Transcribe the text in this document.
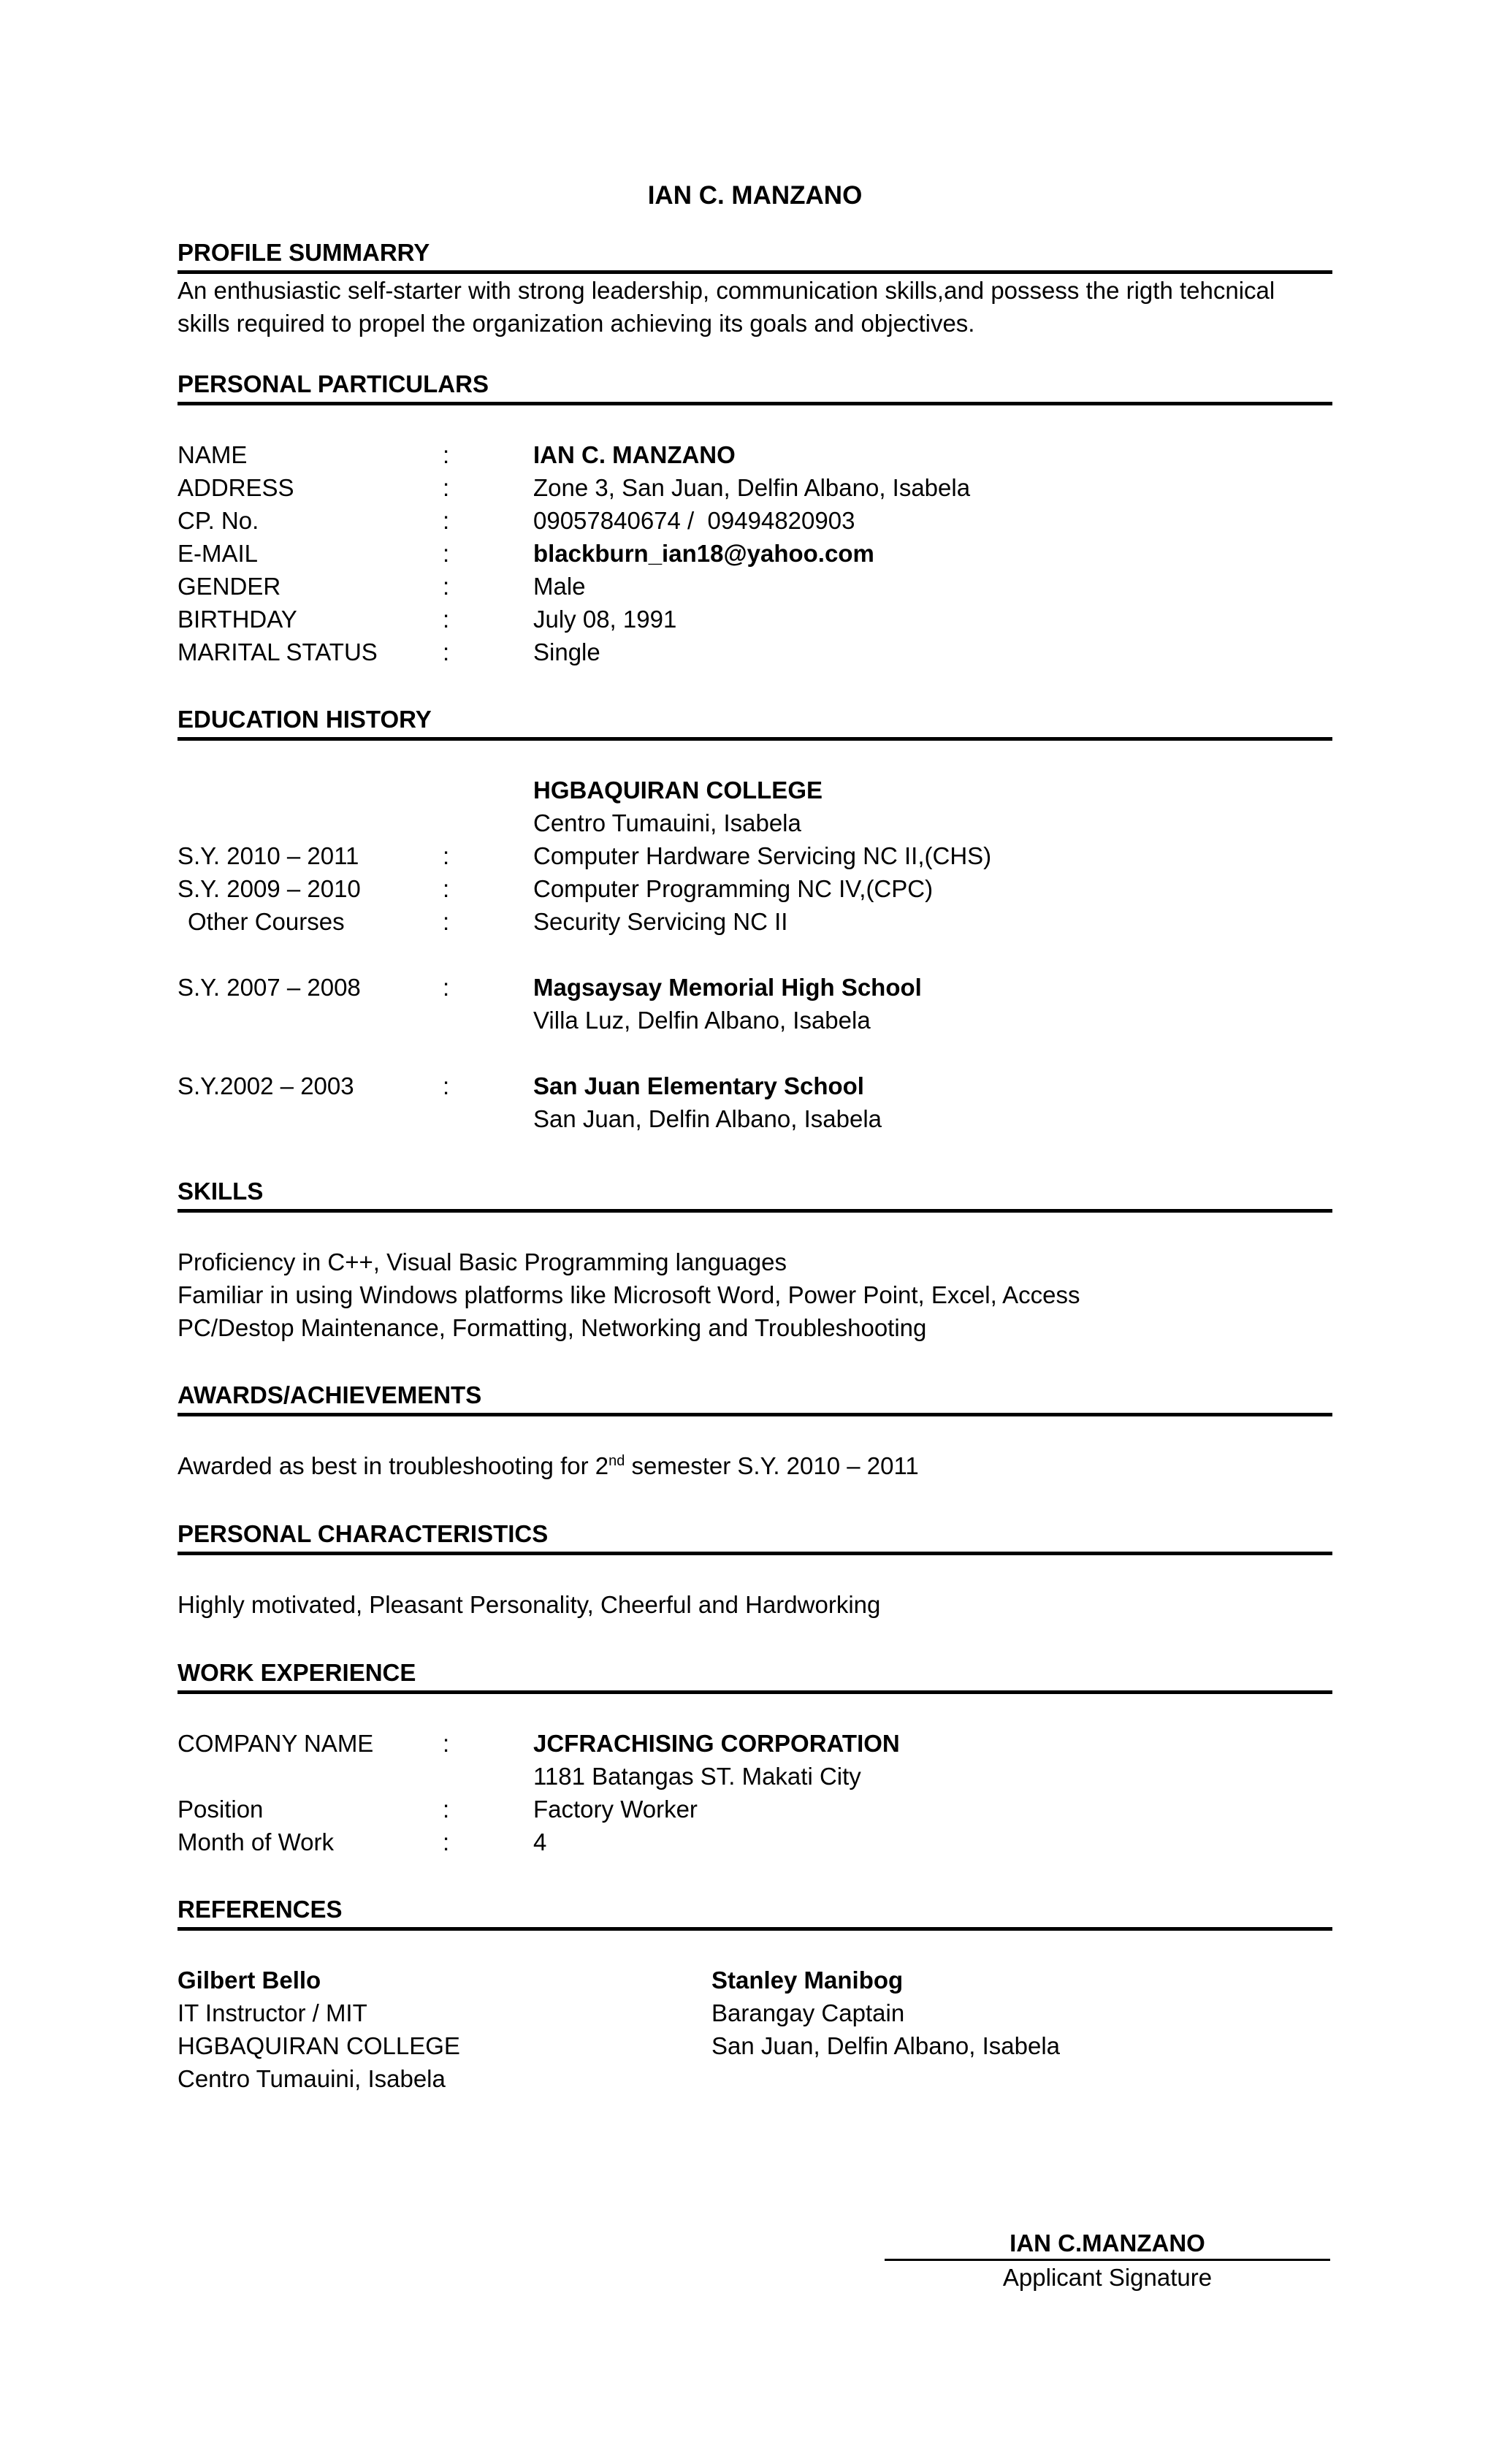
IAN C. MANZANO
PROFILE SUMMARRY
An enthusiastic self-starter with strong leadership, communication skills,and possess the rigth tehcnical skills required to propel the organization achieving its goals and objectives.
PERSONAL PARTICULARS
NAME	:	IAN C. MANZANO
ADDRESS	:	Zone 3, San Juan, Delfin Albano, Isabela
CP. No.	:	09057840674 /  09494820903
E-MAIL	:	blackburn_ian18@yahoo.com
GENDER	:	Male
BIRTHDAY	:	July 08, 1991
MARITAL STATUS	:	Single
EDUCATION HISTORY
HGBAQUIRAN COLLEGE
Centro Tumauini, Isabela
S.Y. 2010 – 2011	:	Computer Hardware Servicing NC II,(CHS)
S.Y. 2009 – 2010	:	Computer Programming NC IV,(CPC)
Other Courses	:	Security Servicing NC II
S.Y. 2007 – 2008	:	Magsaysay Memorial High School
Villa Luz, Delfin Albano, Isabela
S.Y.2002 – 2003	:	San Juan Elementary School
San Juan, Delfin Albano, Isabela
SKILLS
Proficiency in C++, Visual Basic Programming languages
Familiar in using Windows platforms like Microsoft Word, Power Point, Excel, Access
PC/Destop Maintenance, Formatting, Networking and Troubleshooting
AWARDS/ACHIEVEMENTS
Awarded as best in troubleshooting for 2nd semester S.Y. 2010 – 2011
PERSONAL CHARACTERISTICS
Highly motivated, Pleasant Personality, Cheerful and Hardworking
WORK EXPERIENCE
COMPANY NAME	:	JCFRACHISING CORPORATION
1181 Batangas ST. Makati City
Position	:	Factory Worker
Month of Work	:	4
REFERENCES
Gilbert Bello
IT Instructor / MIT
HGBAQUIRAN COLLEGE
Centro Tumauini, Isabela
Stanley Manibog
Barangay Captain
San Juan, Delfin Albano, Isabela
IAN C.MANZANO
Applicant Signature
